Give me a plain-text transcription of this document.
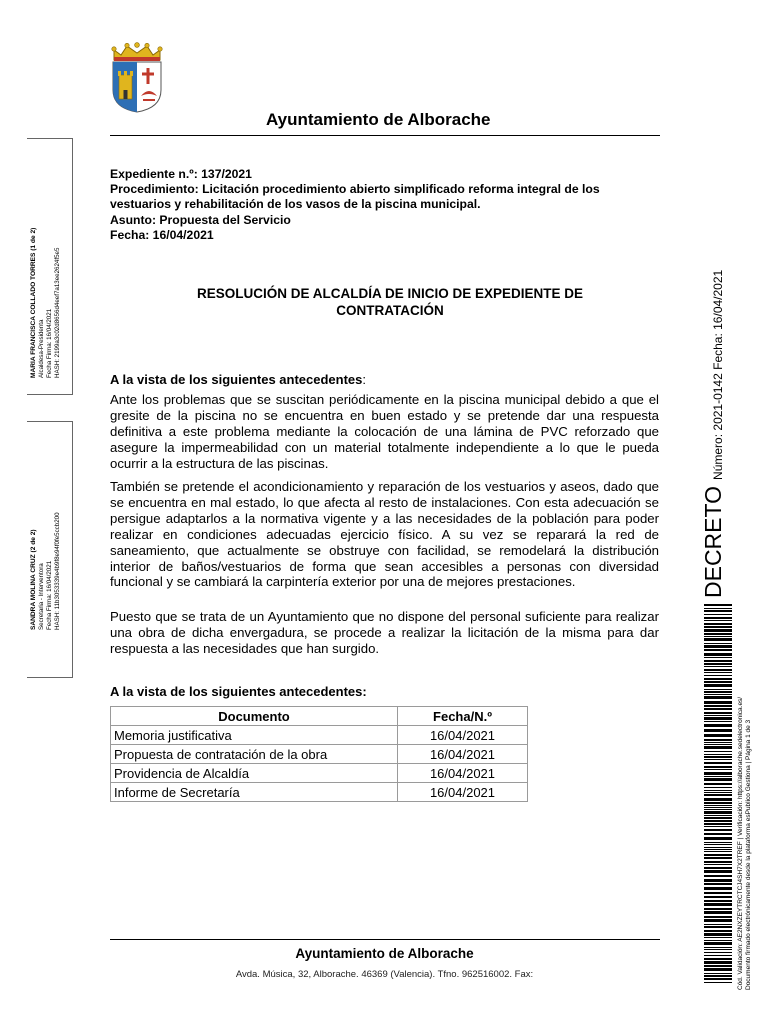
Ayuntamiento de Alborache
Expediente n.º: 137/2021
Procedimiento: Licitación procedimiento abierto simplificado reforma integral de los
vestuarios y rehabilitación de los vasos de la piscina municipal.
Asunto: Propuesta del Servicio
Fecha: 16/04/2021
RESOLUCIÓN DE ALCALDÍA DE INICIO DE EXPEDIENTE DE
CONTRATACIÓN
A la vista de los siguientes antecedentes:
Ante los problemas que se suscitan periódicamente en la piscina municipal debido a que el gresite de la piscina no se encuentra en buen estado y se pretende dar una respuesta definitiva a este problema mediante la colocación de una lámina de PVC reforzado que asegure la impermeabilidad con un material totalmente independiente a lo que le pueda ocurrir a la estructura de las piscinas.
También se pretende el acondicionamiento y reparación de los vestuarios y aseos, dado que se encuentra en mal estado, lo que afecta al resto de instalaciones. Con esta adecuación se persigue adaptarlos a la normativa vigente y a las necesidades de la población para poder realizar en condiciones adecuadas ejercicio físico. A su vez se reparará la red de saneamiento, que actualmente se obstruye con facilidad, se remodelará la distribución interior de baños/vestuarios de forma que sean accesibles a personas con diversidad funcional y se cambiará la carpintería exterior por una de mejores prestaciones.
Puesto que se trata de un Ayuntamiento que no dispone del personal suficiente para realizar una obra de dicha envergadura, se procede a realizar la licitación de la misma para dar respuesta a las necesidades que han surgido.
A la vista de los siguientes antecedentes:
Documento	Fecha/N.º
Memoria justificativa	16/04/2021
Propuesta de contratación de la obra	16/04/2021
Providencia de Alcaldía	16/04/2021
Informe de Secretaría	16/04/2021
Ayuntamiento de Alborache
Avda. Música, 32, Alborache. 46369 (Valencia). Tfno. 962516002. Fax:
MARIA FRANCISCA COLLADO TORRES (1 de 2)
Alcaldesa-Presidenta
Fecha Firma: 16/04/2021
HASH: 2199a3c02d8656d4eef7a13ee2624f5e5
SANDRA MOLINA CRUZ (2 de 2)
Secretaria - Interventora
Fecha Firma: 16/04/2021
HASH: 11b3053339e4b9f8e94f0fe5ccb200	DECRETONúmero: 2021-0142 Fecha: 16/04/2021
Cód. Validación: AE2NXZEYTRCTCJ4SH7X2TREF | Verificación: https://alborache.sedelectronica.es/
Documento firmado electrónicamente desde la plataforma esPublico Gestiona | Página 1 de 3
